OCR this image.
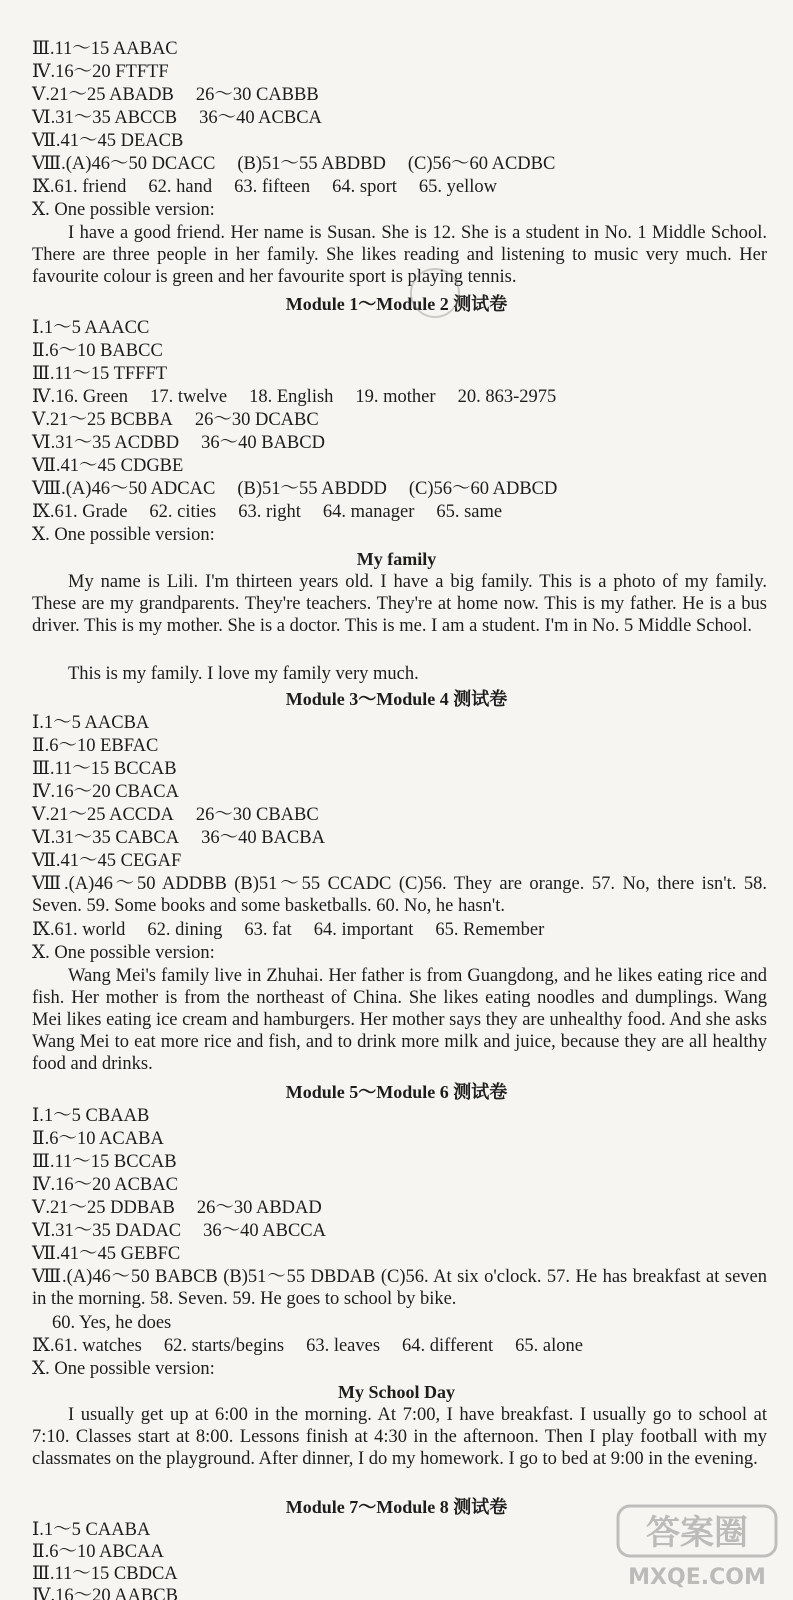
Ⅲ.11～15 AABAC
Ⅳ.16～20 FTFTF
Ⅴ.21～25 ABADB 26～30 CABBB
Ⅵ.31～35 ABCCB 36～40 ACBCA
Ⅶ.41～45 DEACB
Ⅷ.(A)46～50 DCACC (B)51～55 ABDBD (C)56～60 ACDBC
Ⅸ.61. friend 62. hand 63. fifteen 64. sport 65. yellow
Ⅹ. One possible version:
I have a good friend. Her name is Susan. She is 12. She is a student in No. 1 Middle School. There are three people in her family. She likes reading and listening to music very much. Her favourite colour is green and her favourite sport is playing tennis.
Module 1～Module 2 测试卷
Ⅰ.1～5 AAACC
Ⅱ.6～10 BABCC
Ⅲ.11～15 TFFFT
Ⅳ.16. Green 17. twelve 18. English 19. mother 20. 863-2975
Ⅴ.21～25 BCBBA 26～30 DCABC
Ⅵ.31～35 ACDBD 36～40 BABCD
Ⅶ.41～45 CDGBE
Ⅷ.(A)46～50 ADCAC (B)51～55 ABDDD (C)56～60 ADBCD
Ⅸ.61. Grade 62. cities 63. right 64. manager 65. same
Ⅹ. One possible version:
My family
My name is Lili. I'm thirteen years old. I have a big family. This is a photo of my family. These are my grandparents. They're teachers. They're at home now. This is my father. He is a bus driver. This is my mother. She is a doctor. This is me. I am a student. I'm in No. 5 Middle School.
This is my family. I love my family very much.
Module 3～Module 4 测试卷
Ⅰ.1～5 AACBA
Ⅱ.6～10 EBFAC
Ⅲ.11～15 BCCAB
Ⅳ.16～20 CBACA
Ⅴ.21～25 ACCDA 26～30 CBABC
Ⅵ.31～35 CABCA 36～40 BACBA
Ⅶ.41～45 CEGAF
Ⅷ.(A)46～50 ADDBB (B)51～55 CCADC (C)56. They are orange. 57. No, there isn't. 58. Seven. 59. Some books and some basketballs. 60. No, he hasn't.
Ⅸ.61. world 62. dining 63. fat 64. important 65. Remember
Ⅹ. One possible version:
Wang Mei's family live in Zhuhai. Her father is from Guangdong, and he likes eating rice and fish. Her mother is from the northeast of China. She likes eating noodles and dumplings. Wang Mei likes eating ice cream and hamburgers. Her mother says they are unhealthy food. And she asks Wang Mei to eat more rice and fish, and to drink more milk and juice, because they are all healthy food and drinks.
Module 5～Module 6 测试卷
Ⅰ.1～5 CBAAB
Ⅱ.6～10 ACABA
Ⅲ.11～15 BCCAB
Ⅳ.16～20 ACBAC
Ⅴ.21～25 DDBAB 26～30 ABDAD
Ⅵ.31～35 DADAC 36～40 ABCCA
Ⅶ.41～45 GEBFC
Ⅷ.(A)46～50 BABCB (B)51～55 DBDAB (C)56. At six o'clock. 57. He has breakfast at seven in the morning. 58. Seven. 59. He goes to school by bike.
60. Yes, he does
Ⅸ.61. watches 62. starts/begins 63. leaves 64. different 65. alone
Ⅹ. One possible version:
My School Day
I usually get up at 6:00 in the morning. At 7:00, I have breakfast. I usually go to school at 7:10. Classes start at 8:00. Lessons finish at 4:30 in the afternoon. Then I play football with my classmates on the playground. After dinner, I do my homework. I go to bed at 9:00 in the evening.
Module 7～Module 8 测试卷
Ⅰ.1～5 CAABA
Ⅱ.6～10 ABCAA
Ⅲ.11～15 CBDCA
Ⅳ.16～20 AABCB
答案圈
MXQE.COM
